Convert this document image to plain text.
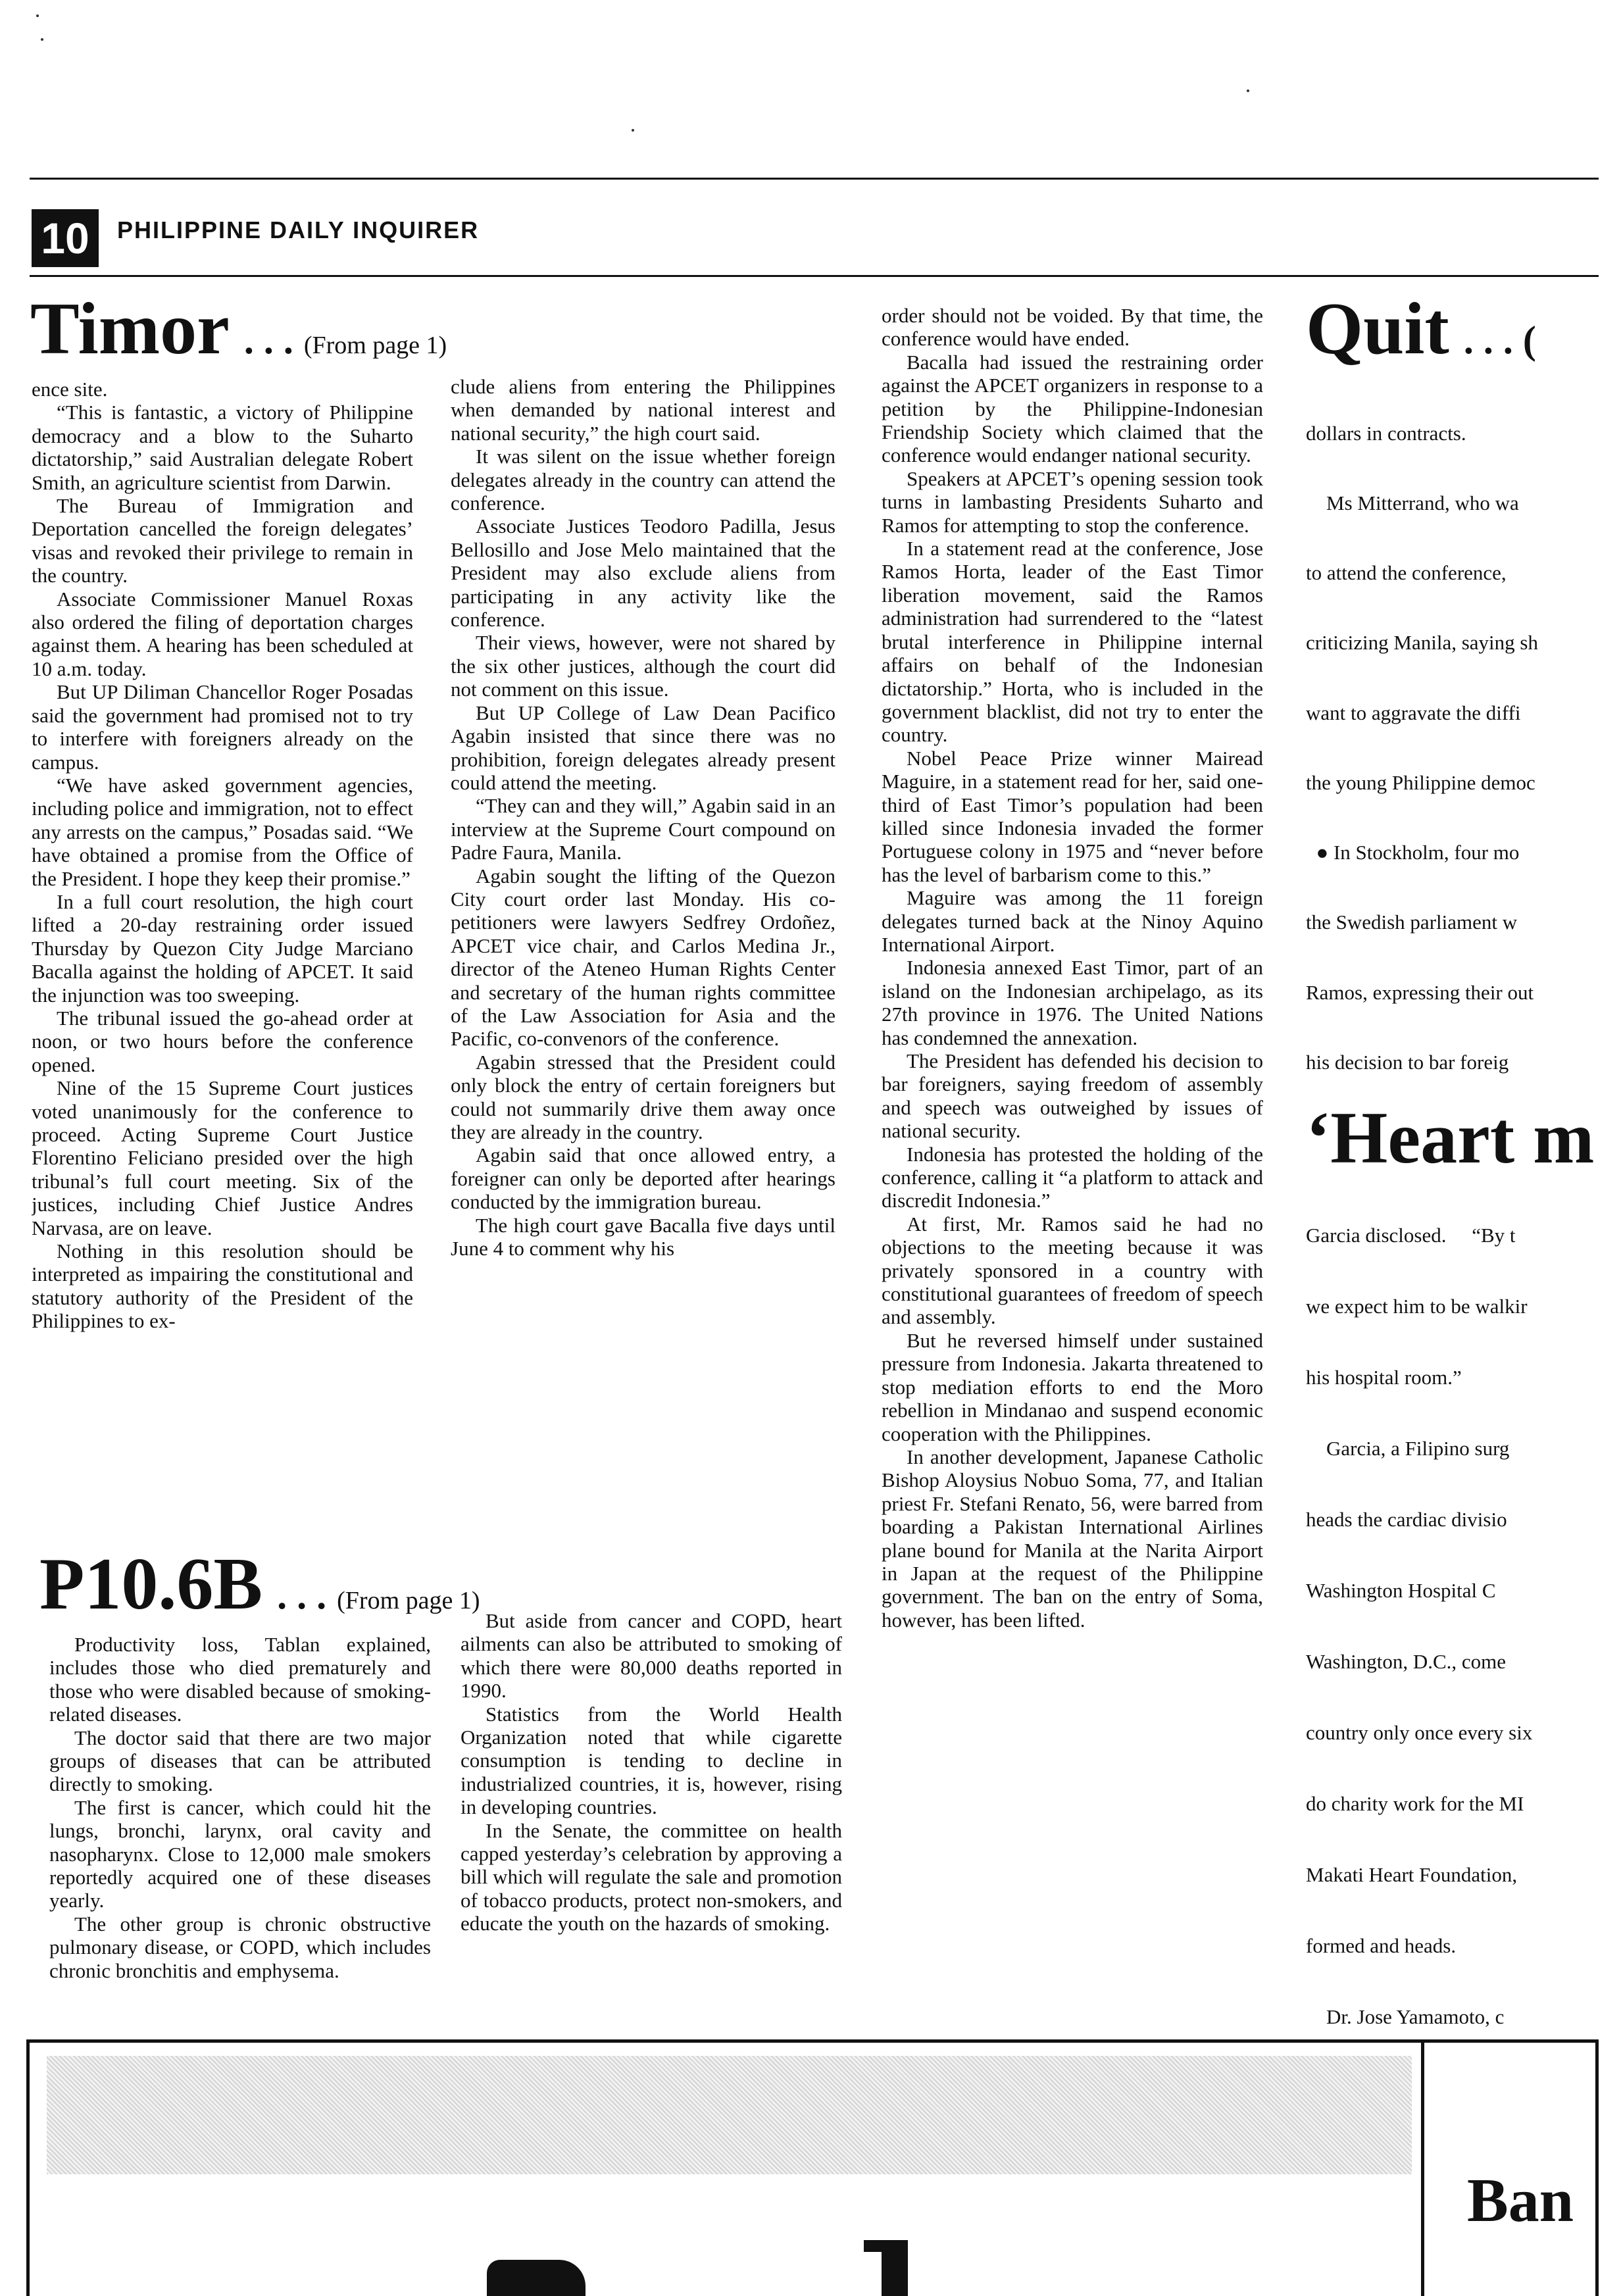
10	PHILIPPINE DAILY INQUIRER
Timor . . . (From page 1)

ence site.

“This is fantastic, a victory of Philippine democracy and a blow to the Suharto dictatorship,” said Australian delegate Robert Smith, an agriculture scientist from Darwin.

The Bureau of Immigration and Deportation cancelled the foreign delegates’ visas and revoked their privilege to remain in the country.

Associate Commissioner Manuel Roxas also ordered the filing of deportation charges against them. A hearing has been scheduled at 10 a.m. today.

But UP Diliman Chancellor Roger Posadas said the government had promised not to try to interfere with foreigners already on the campus.

“We have asked government agencies, including police and immigration, not to effect any arrests on the campus,” Posadas said. “We have obtained a promise from the Office of the President. I hope they keep their promise.”

In a full court resolution, the high court lifted a 20-day restraining order issued Thursday by Quezon City Judge Marciano Bacalla against the holding of APCET. It said the injunction was too sweeping.

The tribunal issued the go-ahead order at noon, or two hours before the conference opened.

Nine of the 15 Supreme Court justices voted unanimously for the conference to proceed. Acting Supreme Court Justice Florentino Feliciano presided over the high tribunal’s full court meeting. Six of the justices, including Chief Justice Andres Narvasa, are on leave.

Nothing in this resolution should be interpreted as impairing the constitutional and statutory authority of the President of the Philippines to ex-

clude aliens from entering the Philippines when demanded by national interest and national security,” the high court said.

It was silent on the issue whether foreign delegates already in the country can attend the conference.

Associate Justices Teodoro Padilla, Jesus Bellosillo and Jose Melo maintained that the President may also exclude aliens from participating in any activity like the conference.

Their views, however, were not shared by the six other justices, although the court did not comment on this issue.

But UP College of Law Dean Pacifico Agabin insisted that since there was no prohibition, foreign delegates already present could attend the meeting.

“They can and they will,” Agabin said in an interview at the Supreme Court compound on Padre Faura, Manila.

Agabin sought the lifting of the Quezon City court order last Monday. His co-petitioners were lawyers Sedfrey Ordoñez, APCET vice chair, and Carlos Medina Jr., director of the Ateneo Human Rights Center and secretary of the human rights committee of the Law Association for Asia and the Pacific, co-convenors of the conference.

Agabin stressed that the President could only block the entry of certain foreigners but could not summarily drive them away once they are already in the country.

Agabin said that once allowed entry, a foreigner can only be deported after hearings conducted by the immigration bureau.

The high court gave Bacalla five days until June 4 to comment why his

order should not be voided. By that time, the conference would have ended.

Bacalla had issued the restraining order against the APCET organizers in response to a petition by the Philippine-Indonesian Friendship Society which claimed that the conference would endanger national security.

Speakers at APCET’s opening session took turns in lambasting Presidents Suharto and Ramos for attempting to stop the conference.

In a statement read at the conference, Jose Ramos Horta, leader of the East Timor liberation movement, said the Ramos administration had surrendered to the “latest brutal interference in Philippine internal affairs on behalf of the Indonesian dictatorship.” Horta, who is included in the government blacklist, did not try to enter the country.

Nobel Peace Prize winner Mairead Maguire, in a statement read for her, said one-third of East Timor’s population had been killed since Indonesia invaded the former Portuguese colony in 1975 and “never before has the level of barbarism come to this.”

Maguire was among the 11 foreign delegates turned back at the Ninoy Aquino International Airport.

Indonesia annexed East Timor, part of an island on the Indonesian archipelago, as its 27th province in 1976. The United Nations has condemned the annexation.

The President has defended his decision to bar foreigners, saying freedom of assembly and speech was outweighed by issues of national security.

Indonesia has protested the holding of the conference, calling it “a platform to attack and discredit Indonesia.”

At first, Mr. Ramos said he had no objections to the meeting because it was privately sponsored in a country with constitutional guarantees of freedom of speech and assembly.

But he reversed himself under sustained pressure from Indonesia. Jakarta threatened to stop mediation efforts to end the Moro rebellion in Mindanao and suspend economic cooperation with the Philippines.

In another development, Japanese Catholic Bishop Aloysius Nobuo Soma, 77, and Italian priest Fr. Stefani Renato, 56, were barred from boarding a Pakistan International Airlines plane bound for Manila at the Narita Airport in Japan at the request of the Philippine government. The ban on the entry of Soma, however, has been lifted.

P10.6B . . . (From page 1)

Productivity loss, Tablan explained, includes those who died prematurely and those who were disabled because of smoking-related diseases.

The doctor said that there are two major groups of diseases that can be attributed directly to smoking.

The first is cancer, which could hit the lungs, bronchi, larynx, oral cavity and nasopharynx. Close to 12,000 male smokers reportedly acquired one of these diseases yearly.

The other group is chronic obstructive pulmonary disease, or COPD, which includes chronic bronchitis and emphysema.

But aside from cancer and COPD, heart ailments can also be attributed to smoking of which there were 80,000 deaths reported in 1990.

Statistics from the World Health Organization noted that while cigarette consumption is tending to decline in industrialized countries, it is, however, rising in developing countries.

In the Senate, the committee on health capped yesterday’s celebration by approving a bill which will regulate the sale and promotion of tobacco products, protect non-smokers, and educate the youth on the hazards of smoking.

Quit . . . (

dollars in contracts.

Ms Mitterrand, who wa

to attend the conference,

criticizing Manila, saying sh

want to aggravate the diffi

the young Philippine democ

● In Stockholm, four mo

the Swedish parliament w

Ramos, expressing their out

his decision to bar foreig

‘Heart m

Garcia disclosed.     “By t

we expect him to be walkir

his hospital room.”

Garcia, a Filipino surg

heads the cardiac divisio

Washington Hospital C

Washington, D.C., come

country only once every six

do charity work for the MI

Makati Heart Foundation,

formed and heads.

Dr. Jose Yamamoto, c

Ban
